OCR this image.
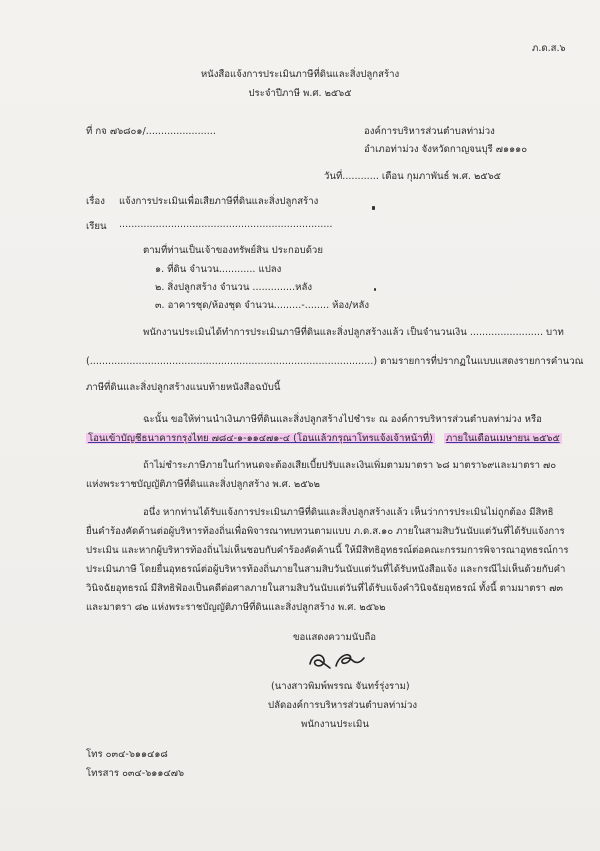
ภ.ด.ส.๖
หนังสือแจ้งการประเมินภาษีที่ดินและสิ่งปลูกสร้าง
ประจำปีภาษี พ.ศ. ๒๕๖๕
ที่ กจ ๗๖๘๐๑/.......................	องค์การบริหารส่วนตำบลท่าม่วง
อำเภอท่าม่วง จังหวัดกาญจนบุรี ๗๑๑๑๐
วันที่............ เดือน กุมภาพันธ์ พ.ศ. ๒๕๖๕
เรื่อง แจ้งการประเมินเพื่อเสียภาษีที่ดินและสิ่งปลูกสร้าง
เรียน ......................................................................
ตามที่ท่านเป็นเจ้าของทรัพย์สิน ประกอบด้วย
๑. ที่ดิน จำนวน............ แปลง
๒. สิ่งปลูกสร้าง จำนวน ..............หลัง
๓. อาคารชุด/ห้องชุด จำนวน.........-........ ห้อง/หลัง
พนักงานประเมินได้ทำการประเมินภาษีที่ดินและสิ่งปลูกสร้างแล้ว เป็นจำนวนเงิน ........................ บาท
(.............................................................................................) ตามรายการที่ปรากฏในแบบแสดงรายการคำนวณ
ภาษีที่ดินและสิ่งปลูกสร้างแนบท้ายหนังสือฉบับนี้
ฉะนั้น ขอให้ท่านนำเงินภาษีที่ดินและสิ่งปลูกสร้างไปชำระ ณ องค์การบริหารส่วนตำบลท่าม่วง หรือ
โอนเข้าบัญชีธนาคารกรุงไทย ๗๘๔-๑-๑๑๔๗๑-๔ (โอนแล้วกรุณาโทรแจ้งเจ้าหน้าที่) ภายในเดือนเมษายน ๒๕๖๕
ถ้าไม่ชำระภาษีภายในกำหนดจะต้องเสียเบี้ยปรับและเงินเพิ่มตามมาตรา ๖๘ มาตรา๖๙และมาตรา ๗๐
แห่งพระราชบัญญัติภาษีที่ดินและสิ่งปลูกสร้าง พ.ศ. ๒๕๖๒
อนึ่ง หากท่านได้รับแจ้งการประเมินภาษีที่ดินและสิ่งปลูกสร้างแล้ว เห็นว่าการประเมินไม่ถูกต้อง มีสิทธิ
ยื่นคำร้องคัดค้านต่อผู้บริหารท้องถิ่นเพื่อพิจารณาทบทวนตามแบบ ภ.ด.ส.๑๐ ภายในสามสิบวันนับแต่วันที่ได้รับแจ้งการ
ประเมิน และหากผู้บริหารท้องถิ่นไม่เห็นชอบกับคำร้องคัดค้านนี้ ให้มีสิทธิอุทธรณ์ต่อคณะกรรมการพิจารณาอุทธรณ์การ
ประเมินภาษี โดยยื่นอุทธรณ์ต่อผู้บริหารท้องถิ่นภายในสามสิบวันนับแต่วันที่ได้รับหนังสือแจ้ง และกรณีไม่เห็นด้วยกับคำ
วินิจฉัยอุทธรณ์ มีสิทธิฟ้องเป็นคดีต่อศาลภายในสามสิบวันนับแต่วันที่ได้รับแจ้งคำวินิจฉัยอุทธรณ์ ทั้งนี้ ตามมาตรา ๗๓
และมาตรา ๘๒ แห่งพระราชบัญญัติภาษีที่ดินและสิ่งปลูกสร้าง พ.ศ. ๒๕๖๒
ขอแสดงความนับถือ
(นางสาวพิมพ์พรรณ จันทร์รุ่งราม)
ปลัดองค์การบริหารส่วนตำบลท่าม่วง
พนักงานประเมิน
โทร ๐๓๔-๖๑๑๔๑๘
โทรสาร ๐๓๔-๖๑๑๔๗๖
